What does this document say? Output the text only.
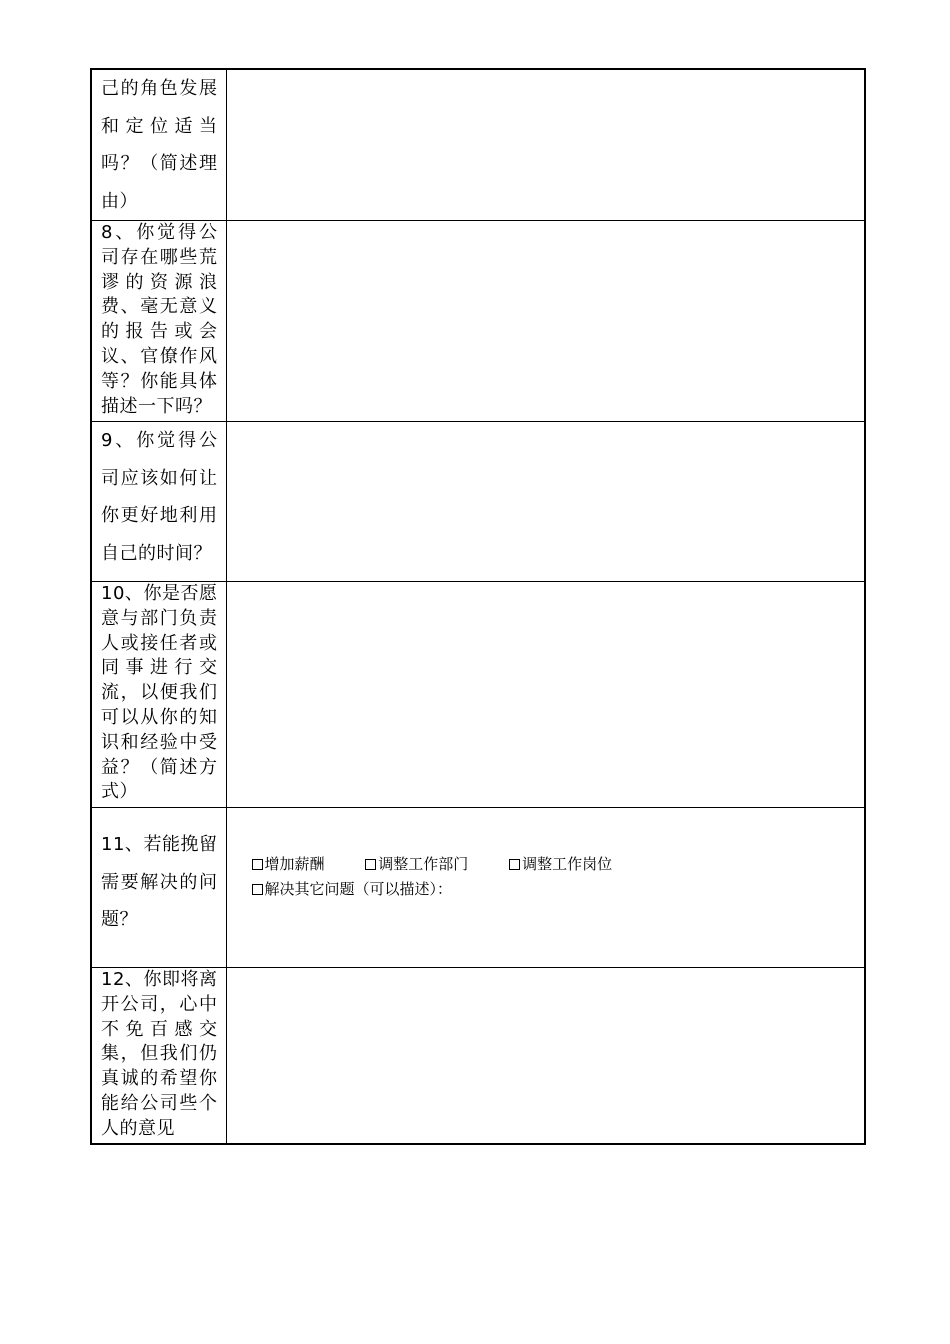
己的角色发展和定位适当吗？（简述理由）	

8、你觉得公司存在哪些荒谬的资源浪费、毫无意义的报告或会议、官僚作风等？你能具体描述一下吗？	

9、你觉得公司应该如何让你更好地利用自己的时间？	

10、你是否愿意与部门负责人或接任者或同事进行交流，以便我们可以从你的知识和经验中受益？（简述方式）	

11、若能挽留需要解决的问题？	增加薪酬 调整工作部门 调整工作岗位
解决其它问题（可以描述）：

12、你即将离开公司，心中不免百感交集，但我们仍真诚的希望你能给公司些个人的意见	
